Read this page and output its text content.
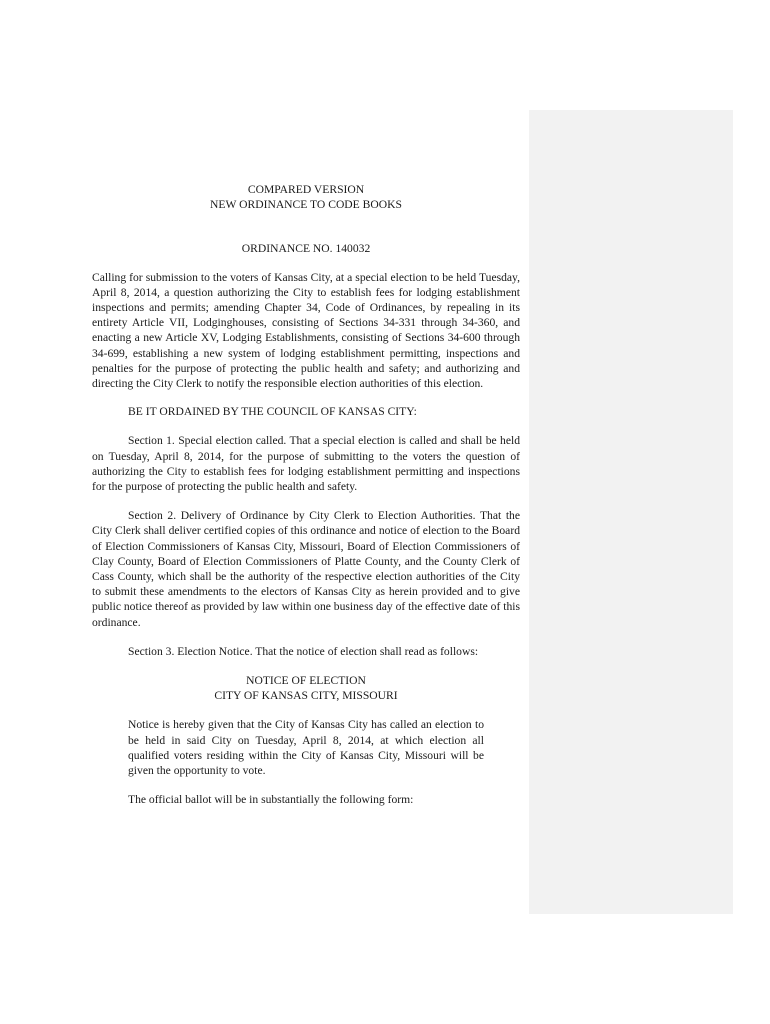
COMPARED VERSION

NEW ORDINANCE TO CODE BOOKS

ORDINANCE NO. 140032

Calling for submission to the voters of Kansas City, at a special election to be held Tuesday, April 8, 2014, a question authorizing the City to establish fees for lodging establishment inspections and permits; amending Chapter 34, Code of Ordinances, by repealing in its entirety Article VII, Lodginghouses, consisting of Sections 34-331 through 34-360, and enacting a new Article XV, Lodging Establishments, consisting of Sections 34-600 through 34-699, establishing a new system of lodging establishment permitting, inspections and penalties for the purpose of protecting the public health and safety; and authorizing and directing the City Clerk to notify the responsible election authorities of this election.

BE IT ORDAINED BY THE COUNCIL OF KANSAS CITY:

Section 1. Special election called. That a special election is called and shall be held on Tuesday, April 8, 2014, for the purpose of submitting to the voters the question of authorizing the City to establish fees for lodging establishment permitting and inspections for the purpose of protecting the public health and safety.

Section 2. Delivery of Ordinance by City Clerk to Election Authorities. That the City Clerk shall deliver certified copies of this ordinance and notice of election to the Board of Election Commissioners of Kansas City, Missouri, Board of Election Commissioners of Clay County, Board of Election Commissioners of Platte County, and the County Clerk of Cass County, which shall be the authority of the respective election authorities of the City to submit these amendments to the electors of Kansas City as herein provided and to give public notice thereof as provided by law within one business day of the effective date of this ordinance.

Section 3. Election Notice. That the notice of election shall read as follows:

NOTICE OF ELECTION

CITY OF KANSAS CITY, MISSOURI

Notice is hereby given that the City of Kansas City has called an election to be held in said City on Tuesday, April 8, 2014, at which election all qualified voters residing within the City of Kansas City, Missouri will be given the opportunity to vote.

The official ballot will be in substantially the following form:
